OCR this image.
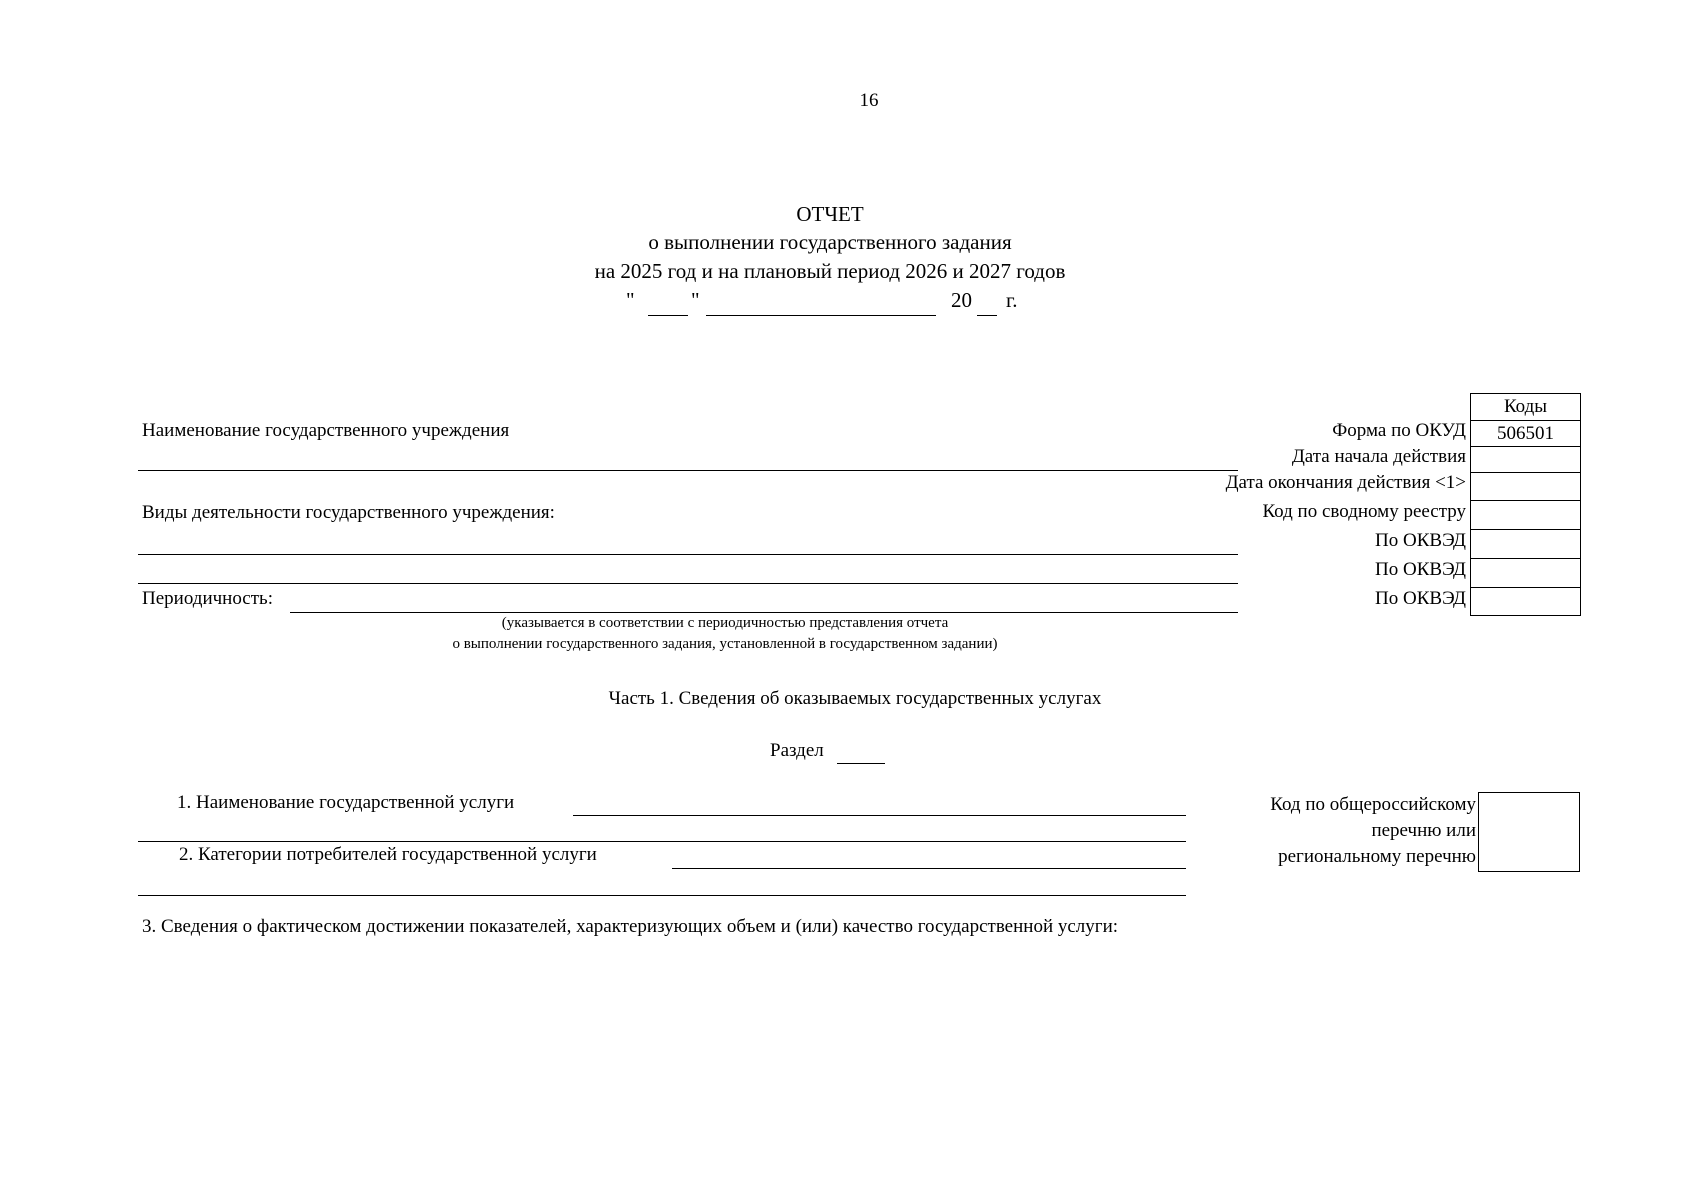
16
ОТЧЕТ
о выполнении государственного задания
на 2025 год и на плановый период 2026 и 2027 годов
"	"	20 г.
Коды
506501
Форма по ОКУД
Дата начала действия
Дата окончания действия <1>
Код по сводному реестру
По ОКВЭД
По ОКВЭД
По ОКВЭД
Наименование государственного учреждения
Виды деятельности государственного учреждения:
Периодичность:
(указывается в соответствии с периодичностью представления отчета
о выполнении государственного задания, установленной в государственном задании)
Часть 1. Сведения об оказываемых государственных услугах
Раздел
1. Наименование государственной услуги
2. Категории потребителей государственной услуги
Код по общероссийскому
перечню или
региональному перечню
3. Сведения о фактическом достижении показателей, характеризующих объем и (или) качество государственной услуги:
